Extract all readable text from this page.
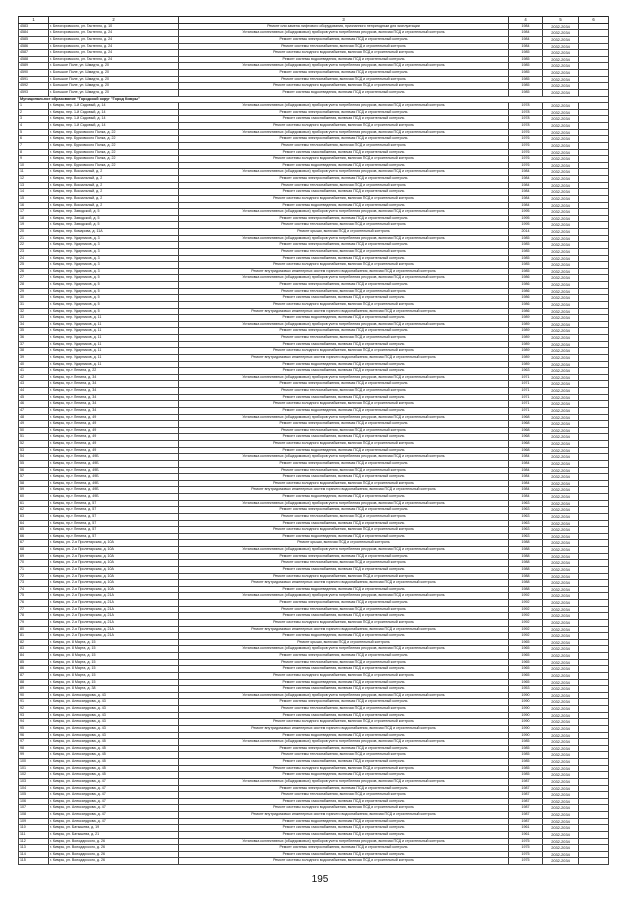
1	2	3	4	5	6
4583	г. Белогоровского, ул. Гастелло, д. 10	Ремонт или замена лифтового оборудования, признанного непригодным для эксплуатации	1984	2032-2034	
4584	г. Белогоровского, ул. Гастелло, д. 24	Установка коллективных (общедомовых) приборов учета потребления ресурсов, включая ПСД и строительный контроль	1984	2032-2034	
4585	г. Белогоровского, ул. Гастелло, д. 24	Ремонт системы электроснабжения, включая ПСД и строительный контроль	1984	2032-2034	
4586	г. Белогоровского, ул. Гастелло, д. 24	Ремонт системы теплоснабжения, включая ПСД и строительный контроль	1984	2032-2034	
4587	г. Белогоровского, ул. Гастелло, д. 24	Ремонт системы холодного водоснабжения, включая ПСД и строительный контроль	1985	2032-2034	
4588	г. Белогоровского, ул. Гастелло, д. 24	Ремонт системы водоотведения, включая ПСД и строительный контроль	1985	2032-2034	
4589	г. Большое Поле, ул. Шмидта, д. 20	Установка коллективных (общедомовых) приборов учета потребления ресурсов, включая ПСД и строительный контроль	1985	2032-2034	
4590	г. Большое Поле, ул. Шмидта, д. 20	Ремонт системы электроснабжения, включая ПСД и строительный контроль	1985	2032-2034	
4591	г. Большое Поле, ул. Шмидта, д. 20	Ремонт системы теплоснабжения, включая ПСД и строительный контроль	1985	2032-2034	
4592	г. Большое Поле, ул. Шмидта, д. 20	Ремонт системы холодного водоснабжения, включая ПСД и строительный контроль	1985	2032-2034	
4593	г. Большое Поле, ул. Шмидта, д. 20	Ремонт системы водоотведения, включая ПСД и строительный контроль	1985	2032-2034	
Муниципальное образование "Городской округ "Город Кимры"					
1	г. Кимры, пер. 1-й Садовый, д. 14	Установка коллективных (общедомовых) приборов учета потребления ресурсов, включая ПСД и строительный контроль	1978	2032-2034	
2	г. Кимры, пер. 1-й Садовый, д. 14	Ремонт системы электроснабжения, включая ПСД и строительный контроль	1978	2032-2034	
3	г. Кимры, пер. 1-й Садовый, д. 14	Ремонт системы газоснабжения, включая ПСД и строительный контроль	1978	2032-2034	
4	г. Кимры, пер. 1-й Садовый, д. 14	Ремонт системы холодного водоснабжения, включая ПСД и строительный контроль	1978	2032-2034	
5	г. Кимры, пер. Бурковского Полка, д. 22	Установка коллективных (общедомовых) приборов учета потребления ресурсов, включая ПСД и строительный контроль	1976	2032-2034	
6	г. Кимры, пер. Бурковского Полка, д. 22	Ремонт системы электроснабжения, включая ПСД и строительный контроль	1976	2032-2034	
7	г. Кимры, пер. Бурковского Полка, д. 22	Ремонт системы теплоснабжения, включая ПСД и строительный контроль	1976	2032-2034	
8	г. Кимры, пер. Бурковского Полка, д. 22	Ремонт системы газоснабжения, включая ПСД и строительный контроль	1976	2032-2034	
9	г. Кимры, пер. Бурковского Полка, д. 22	Ремонт системы холодного водоснабжения, включая ПСД и строительный контроль	1976	2032-2034	
10	г. Кимры, пер. Бурковского Полка, д. 22	Ремонт системы водоотведения, включая ПСД и строительный контроль	1976	2032-2034	
11	г. Кимры, пер. Вокзальный, д. 2	Установка коллективных (общедомовых) приборов учета потребления ресурсов, включая ПСД и строительный контроль	1984	2032-2034	
12	г. Кимры, пер. Вокзальный, д. 2	Ремонт системы электроснабжения, включая ПСД и строительный контроль	1984	2032-2034	
13	г. Кимры, пер. Вокзальный, д. 2	Ремонт системы теплоснабжения, включая ПСД и строительный контроль	1984	2032-2034	
14	г. Кимры, пер. Вокзальный, д. 2	Ремонт системы газоснабжения, включая ПСД и строительный контроль	1984	2032-2034	
15	г. Кимры, пер. Вокзальный, д. 2	Ремонт системы холодного водоснабжения, включая ПСД и строительный контроль	1984	2032-2034	
16	г. Кимры, пер. Вокзальный, д. 2	Ремонт системы водоотведения, включая ПСД и строительный контроль	1984	2032-2034	
17	г. Кимры, пер. Заводской, д. 5	Установка коллективных (общедомовых) приборов учета потребления ресурсов, включая ПСД и строительный контроль	1995	2032-2034	
18	г. Кимры, пер. Заводской, д. 5	Ремонт системы электроснабжения, включая ПСД и строительный контроль	1995	2032-2034	
19	г. Кимры, пер. Заводской, д. 5	Ремонт системы теплоснабжения, включая ПСД и строительный контроль	1995	2032-2034	
20	г. Кимры, пер. Комарова, д. 11А	Ремонт крыши, включая ПСД и строительный контроль	2014	2032-2034	
21	г. Кимры, пер. Ударников, д. 3	Установка коллективных (общедомовых) приборов учета потребления ресурсов, включая ПСД и строительный контроль	1985	2032-2034	
22	г. Кимры, пер. Ударников, д. 3	Ремонт системы электроснабжения, включая ПСД и строительный контроль	1985	2032-2034	
23	г. Кимры, пер. Ударников, д. 3	Ремонт системы теплоснабжения, включая ПСД и строительный контроль	1985	2032-2034	
24	г. Кимры, пер. Ударников, д. 3	Ремонт системы газоснабжения, включая ПСД и строительный контроль	1985	2032-2034	
25	г. Кимры, пер. Ударников, д. 3	Ремонт системы холодного водоснабжения, включая ПСД и строительный контроль	1985	2032-2034	
26	г. Кимры, пер. Ударников, д. 3	Ремонт внутридомовых инженерных систем горячего водоснабжения, включая ПСД и строительный контроль	1985	2032-2034	
27	г. Кимры, пер. Ударников, д. 5	Установка коллективных (общедомовых) приборов учета потребления ресурсов, включая ПСД и строительный контроль	1986	2032-2034	
28	г. Кимры, пер. Ударников, д. 5	Ремонт системы электроснабжения, включая ПСД и строительный контроль	1986	2032-2034	
29	г. Кимры, пер. Ударников, д. 5	Ремонт системы теплоснабжения, включая ПСД и строительный контроль	1986	2032-2034	
30	г. Кимры, пер. Ударников, д. 5	Ремонт системы газоснабжения, включая ПСД и строительный контроль	1986	2032-2034	
31	г. Кимры, пер. Ударников, д. 5	Ремонт системы холодного водоснабжения, включая ПСД и строительный контроль	1986	2032-2034	
32	г. Кимры, пер. Ударников, д. 5	Ремонт внутридомовых инженерных систем горячего водоснабжения, включая ПСД и строительный контроль	1986	2032-2034	
33	г. Кимры, пер. Ударников, д. 11	Ремонт системы водоотведения, включая ПСД и строительный контроль	1989	2032-2034	
34	г. Кимры, пер. Ударников, д. 11	Установка коллективных (общедомовых) приборов учета потребления ресурсов, включая ПСД и строительный контроль	1989	2032-2034	
35	г. Кимры, пер. Ударников, д. 11	Ремонт системы электроснабжения, включая ПСД и строительный контроль	1989	2032-2034	
36	г. Кимры, пер. Ударников, д. 11	Ремонт системы теплоснабжения, включая ПСД и строительный контроль	1989	2032-2034	
37	г. Кимры, пер. Ударников, д. 11	Ремонт системы газоснабжения, включая ПСД и строительный контроль	1989	2032-2034	
38	г. Кимры, пер. Ударников, д. 11	Ремонт системы холодного водоснабжения, включая ПСД и строительный контроль	1989	2032-2034	
39	г. Кимры, пер. Ударников, д. 11	Ремонт внутридомовых инженерных систем горячего водоснабжения, включая ПСД и строительный контроль	1989	2032-2034	
40	г. Кимры, пер. Ударников, д. 11	Ремонт системы водоотведения, включая ПСД и строительный контроль	1989	2032-2034	
41	г. Кимры, пр-т Ленина, д. 22	Ремонт системы газоснабжения, включая ПСД и строительный контроль	1963	2032-2034	
42	г. Кимры, пр-т Ленина, д. 34	Установка коллективных (общедомовых) приборов учета потребления ресурсов, включая ПСД и строительный контроль	1971	2032-2034	
43	г. Кимры, пр-т Ленина, д. 34	Ремонт системы электроснабжения, включая ПСД и строительный контроль	1971	2032-2034	
44	г. Кимры, пр-т Ленина, д. 34	Ремонт системы теплоснабжения, включая ПСД и строительный контроль	1971	2032-2034	
45	г. Кимры, пр-т Ленина, д. 34	Ремонт системы газоснабжения, включая ПСД и строительный контроль	1971	2032-2034	
46	г. Кимры, пр-т Ленина, д. 34	Ремонт системы холодного водоснабжения, включая ПСД и строительный контроль	1971	2032-2034	
47	г. Кимры, пр-т Ленина, д. 34	Ремонт системы водоотведения, включая ПСД и строительный контроль	1971	2032-2034	
48	г. Кимры, пр-т Ленина, д. 49	Установка коллективных (общедомовых) приборов учета потребления ресурсов, включая ПСД и строительный контроль	1968	2032-2034	
49	г. Кимры, пр-т Ленина, д. 49	Ремонт системы электроснабжения, включая ПСД и строительный контроль	1968	2032-2034	
50	г. Кимры, пр-т Ленина, д. 49	Ремонт системы теплоснабжения, включая ПСД и строительный контроль	1968	2032-2034	
51	г. Кимры, пр-т Ленина, д. 49	Ремонт системы газоснабжения, включая ПСД и строительный контроль	1968	2032-2034	
52	г. Кимры, пр-т Ленина, д. 49	Ремонт системы холодного водоснабжения, включая ПСД и строительный контроль	1968	2032-2034	
53	г. Кимры, пр-т Ленина, д. 49	Ремонт системы водоотведения, включая ПСД и строительный контроль	1968	2032-2034	
54	г. Кимры, пр-т Ленина, д. 49Б	Установка коллективных (общедомовых) приборов учета потребления ресурсов, включая ПСД и строительный контроль	1984	2032-2034	
55	г. Кимры, пр-т Ленина, д. 49Б	Ремонт системы электроснабжения, включая ПСД и строительный контроль	1984	2032-2034	
56	г. Кимры, пр-т Ленина, д. 49Б	Ремонт системы теплоснабжения, включая ПСД и строительный контроль	1984	2032-2034	
57	г. Кимры, пр-т Ленина, д. 49Б	Ремонт системы газоснабжения, включая ПСД и строительный контроль	1984	2032-2034	
58	г. Кимры, пр-т Ленина, д. 49Б	Ремонт системы холодного водоснабжения, включая ПСД и строительный контроль	1984	2032-2034	
59	г. Кимры, пр-т Ленина, д. 49Б	Ремонт внутридомовых инженерных систем горячего водоснабжения, включая ПСД и строительный контроль	1984	2032-2034	
60	г. Кимры, пр-т Ленина, д. 49Б	Ремонт системы водоотведения, включая ПСД и строительный контроль	1984	2032-2034	
61	г. Кимры, пр-т Ленина, д. 57	Установка коллективных (общедомовых) приборов учета потребления ресурсов, включая ПСД и строительный контроль	1963	2032-2034	
62	г. Кимры, пр-т Ленина, д. 57	Ремонт системы электроснабжения, включая ПСД и строительный контроль	1963	2032-2034	
63	г. Кимры, пр-т Ленина, д. 57	Ремонт системы теплоснабжения, включая ПСД и строительный контроль	1963	2032-2034	
64	г. Кимры, пр-т Ленина, д. 57	Ремонт системы газоснабжения, включая ПСД и строительный контроль	1963	2032-2034	
65	г. Кимры, пр-т Ленина, д. 57	Ремонт системы холодного водоснабжения, включая ПСД и строительный контроль	1963	2032-2034	
66	г. Кимры, пр-т Ленина, д. 57	Ремонт системы водоотведения, включая ПСД и строительный контроль	1963	2032-2034	
67	г. Кимры, ул. 2-я Пролетарская, д. 10А	Ремонт крыши, включая ПСД и строительный контроль	1988	2032-2034	
68	г. Кимры, ул. 2-я Пролетарская, д. 10А	Установка коллективных (общедомовых) приборов учета потребления ресурсов, включая ПСД и строительный контроль	1988	2032-2034	
69	г. Кимры, ул. 2-я Пролетарская, д. 10А	Ремонт системы электроснабжения, включая ПСД и строительный контроль	1988	2032-2034	
70	г. Кимры, ул. 2-я Пролетарская, д. 10А	Ремонт системы теплоснабжения, включая ПСД и строительный контроль	1988	2032-2034	
71	г. Кимры, ул. 2-я Пролетарская, д. 10А	Ремонт системы газоснабжения, включая ПСД и строительный контроль	1988	2032-2034	
72	г. Кимры, ул. 2-я Пролетарская, д. 10А	Ремонт системы холодного водоснабжения, включая ПСД и строительный контроль	1988	2032-2034	
73	г. Кимры, ул. 2-я Пролетарская, д. 10А	Ремонт внутридомовых инженерных систем горячего водоснабжения, включая ПСД и строительный контроль	1988	2032-2034	
74	г. Кимры, ул. 2-я Пролетарская, д. 10А	Ремонт системы водоотведения, включая ПСД и строительный контроль	1988	2032-2034	
75	г. Кимры, ул. 2-я Пролетарская, д. 21А	Установка коллективных (общедомовых) приборов учета потребления ресурсов, включая ПСД и строительный контроль	1992	2032-2034	
76	г. Кимры, ул. 2-я Пролетарская, д. 21А	Ремонт системы электроснабжения, включая ПСД и строительный контроль	1992	2032-2034	
77	г. Кимры, ул. 2-я Пролетарская, д. 21А	Ремонт системы теплоснабжения, включая ПСД и строительный контроль	1992	2032-2034	
78	г. Кимры, ул. 2-я Пролетарская, д. 21А	Ремонт системы газоснабжения, включая ПСД и строительный контроль	1992	2032-2034	
79	г. Кимры, ул. 2-я Пролетарская, д. 21А	Ремонт системы холодного водоснабжения, включая ПСД и строительный контроль	1992	2032-2034	
80	г. Кимры, ул. 2-я Пролетарская, д. 21А	Ремонт внутридомовых инженерных систем горячего водоснабжения, включая ПСД и строительный контроль	1992	2032-2034	
81	г. Кимры, ул. 2-я Пролетарская, д. 21А	Ремонт системы водоотведения, включая ПСД и строительный контроль	1992	2032-2034	
82	г. Кимры, ул. 8 Марта, д. 15	Ремонт крыши, включая ПСД и строительный контроль	1965	2032-2034	
83	г. Кимры, ул. 8 Марта, д. 15	Установка коллективных (общедомовых) приборов учета потребления ресурсов, включая ПСД и строительный контроль	1965	2032-2034	
84	г. Кимры, ул. 8 Марта, д. 15	Ремонт системы электроснабжения, включая ПСД и строительный контроль	1965	2032-2034	
85	г. Кимры, ул. 8 Марта, д. 15	Ремонт системы теплоснабжения, включая ПСД и строительный контроль	1965	2032-2034	
86	г. Кимры, ул. 8 Марта, д. 15	Ремонт системы газоснабжения, включая ПСД и строительный контроль	1965	2032-2034	
87	г. Кимры, ул. 8 Марта, д. 15	Ремонт системы холодного водоснабжения, включая ПСД и строительный контроль	1965	2032-2034	
88	г. Кимры, ул. 8 Марта, д. 15	Ремонт системы водоотведения, включая ПСД и строительный контроль	1965	2032-2034	
89	г. Кимры, ул. 8 Марта, д. 38	Ремонт системы газоснабжения, включая ПСД и строительный контроль	1953	2032-2034	
90	г. Кимры, ул. Александрова, д. 43	Установка коллективных (общедомовых) приборов учета потребления ресурсов, включая ПСД и строительный контроль	1990	2032-2034	
91	г. Кимры, ул. Александрова, д. 43	Ремонт системы электроснабжения, включая ПСД и строительный контроль	1990	2032-2034	
92	г. Кимры, ул. Александрова, д. 43	Ремонт системы теплоснабжения, включая ПСД и строительный контроль	1990	2032-2034	
93	г. Кимры, ул. Александрова, д. 43	Ремонт системы газоснабжения, включая ПСД и строительный контроль	1990	2032-2034	
94	г. Кимры, ул. Александрова, д. 43	Ремонт системы холодного водоснабжения, включая ПСД и строительный контроль	1990	2032-2034	
95	г. Кимры, ул. Александрова, д. 43	Ремонт внутридомовых инженерных систем горячего водоснабжения, включая ПСД и строительный контроль	1990	2032-2034	
96	г. Кимры, ул. Александрова, д. 43	Ремонт системы водоотведения, включая ПСД и строительный контроль	1990	2032-2034	
97	г. Кимры, ул. Александрова, д. 45	Установка коллективных (общедомовых) приборов учета потребления ресурсов, включая ПСД и строительный контроль	1985	2032-2034	
98	г. Кимры, ул. Александрова, д. 45	Ремонт системы электроснабжения, включая ПСД и строительный контроль	1985	2032-2034	
99	г. Кимры, ул. Александрова, д. 45	Ремонт системы теплоснабжения, включая ПСД и строительный контроль	1985	2032-2034	
100	г. Кимры, ул. Александрова, д. 45	Ремонт системы газоснабжения, включая ПСД и строительный контроль	1985	2032-2034	
101	г. Кимры, ул. Александрова, д. 45	Ремонт системы холодного водоснабжения, включая ПСД и строительный контроль	1985	2032-2034	
102	г. Кимры, ул. Александрова, д. 45	Ремонт системы водоотведения, включая ПСД и строительный контроль	1985	2032-2034	
103	г. Кимры, ул. Александрова, д. 47	Установка коллективных (общедомовых) приборов учета потребления ресурсов, включая ПСД и строительный контроль	1987	2032-2034	
104	г. Кимры, ул. Александрова, д. 47	Ремонт системы электроснабжения, включая ПСД и строительный контроль	1987	2032-2034	
105	г. Кимры, ул. Александрова, д. 47	Ремонт системы теплоснабжения, включая ПСД и строительный контроль	1987	2032-2034	
106	г. Кимры, ул. Александрова, д. 47	Ремонт системы газоснабжения, включая ПСД и строительный контроль	1987	2032-2034	
107	г. Кимры, ул. Александрова, д. 47	Ремонт системы холодного водоснабжения, включая ПСД и строительный контроль	1987	2032-2034	
108	г. Кимры, ул. Александрова, д. 47	Ремонт внутридомовых инженерных систем горячего водоснабжения, включая ПСД и строительный контроль	1987	2032-2034	
109	г. Кимры, ул. Александрова, д. 47	Ремонт системы водоотведения, включая ПСД и строительный контроль	1987	2032-2034	
110	г. Кимры, ул. Батышева, д. 19	Ремонт системы газоснабжения, включая ПСД и строительный контроль	1961	2032-2034	
111	г. Кимры, ул. Батышева, д. 21	Ремонт системы газоснабжения, включая ПСД и строительный контроль	1961	2032-2034	
112	г. Кимры, ул. Володарского, д. 26	Установка коллективных (общедомовых) приборов учета потребления ресурсов, включая ПСД и строительный контроль	1975	2032-2034	
113	г. Кимры, ул. Володарского, д. 26	Ремонт системы электроснабжения, включая ПСД и строительный контроль	1975	2032-2034	
114	г. Кимры, ул. Володарского, д. 26	Ремонт системы газоснабжения, включая ПСД и строительный контроль	1975	2032-2034	
115	г. Кимры, ул. Володарского, д. 26	Ремонт системы холодного водоснабжения, включая ПСД и строительный контроль	1975	2032-2034	
195
